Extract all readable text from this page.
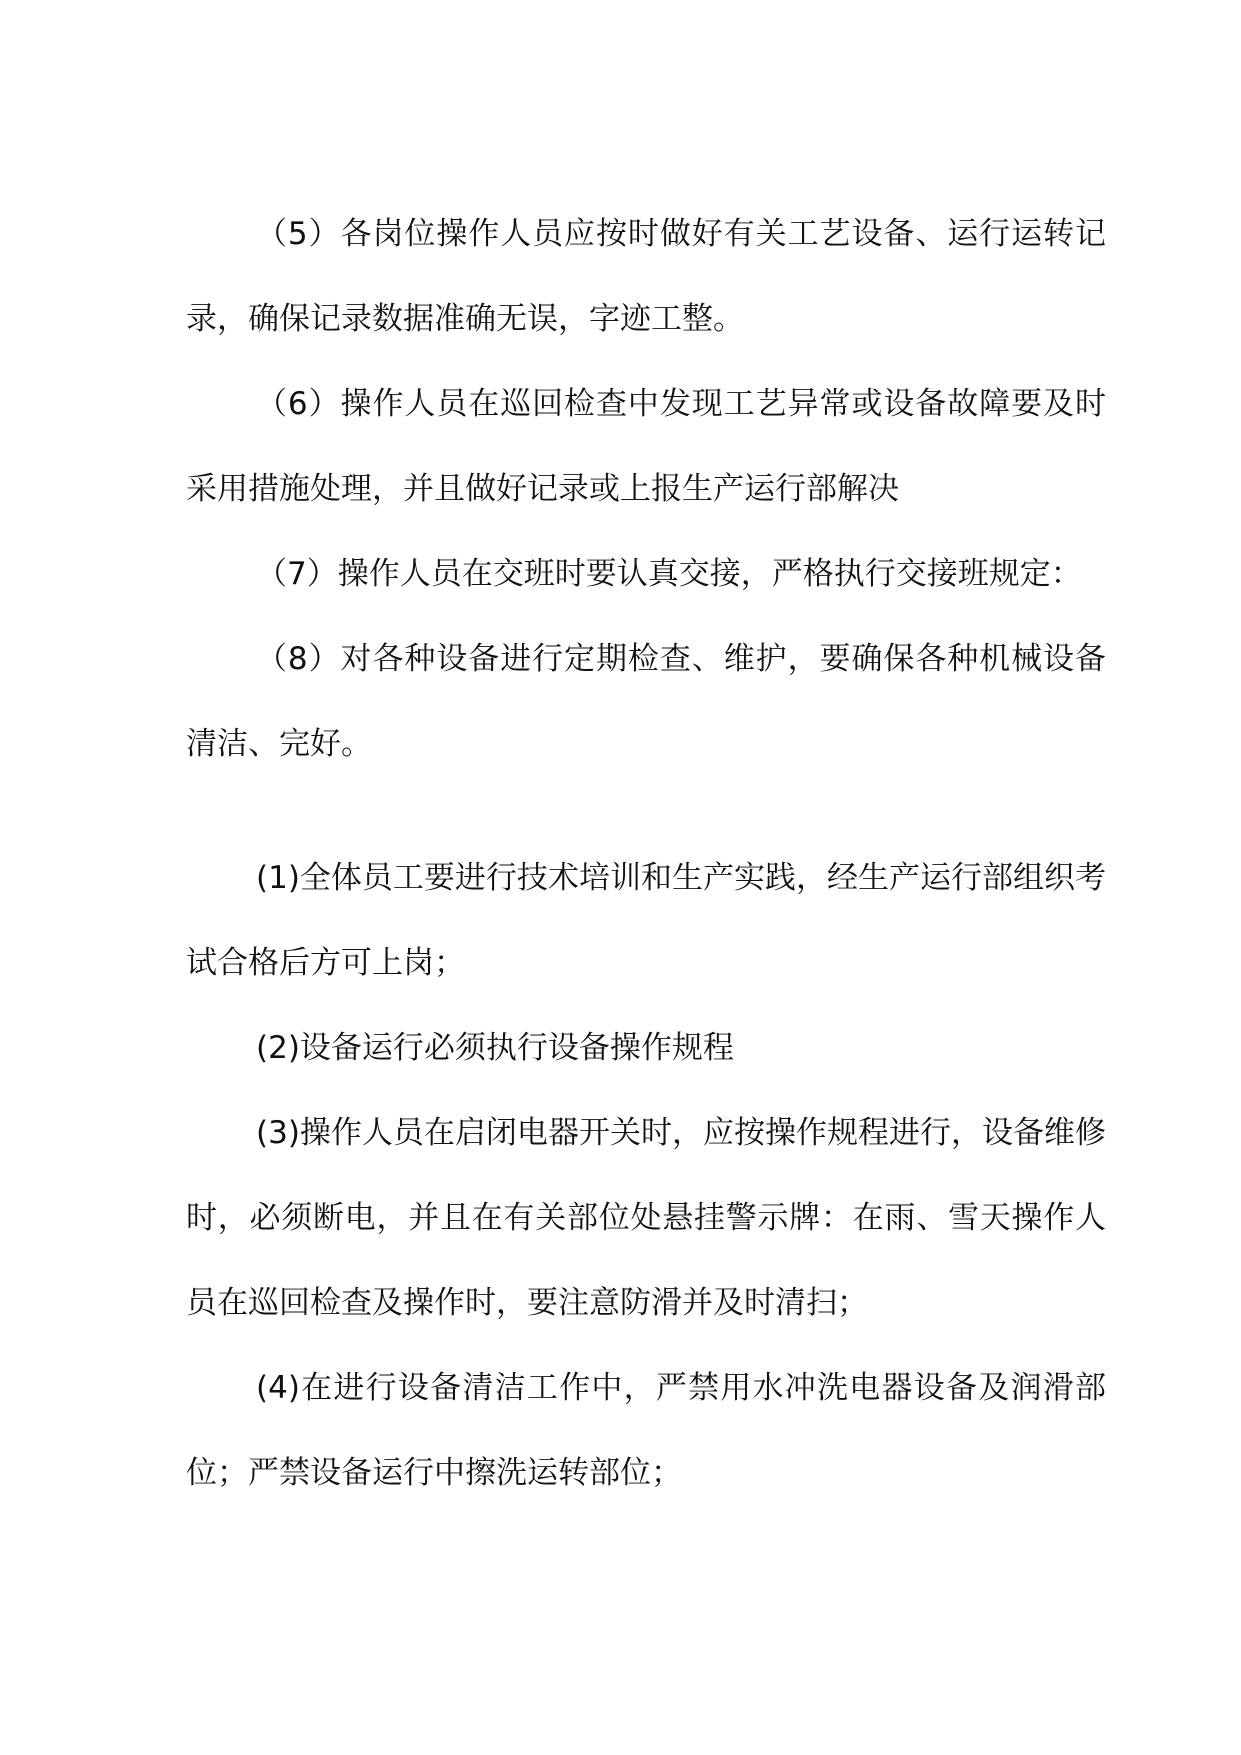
（5）各岗位操作人员应按时做好有关工艺设备、运行运转记录，确保记录数据准确无误，字迹工整。

（6）操作人员在巡回检查中发现工艺异常或设备故障要及时采用措施处理，并且做好记录或上报生产运行部解决

（7）操作人员在交班时要认真交接，严格执行交接班规定：

（8）对各种设备进行定期检查、维护，要确保各种机械设备清洁、完好。

(1)全体员工要进行技术培训和生产实践，经生产运行部组织考试合格后方可上岗；

(2)设备运行必须执行设备操作规程

(3)操作人员在启闭电器开关时，应按操作规程进行，设备维修时，必须断电，并且在有关部位处悬挂警示牌：在雨、雪天操作人员在巡回检查及操作时，要注意防滑并及时清扫；

(4)在进行设备清洁工作中，严禁用水冲洗电器设备及润滑部位；严禁设备运行中擦洗运转部位；
